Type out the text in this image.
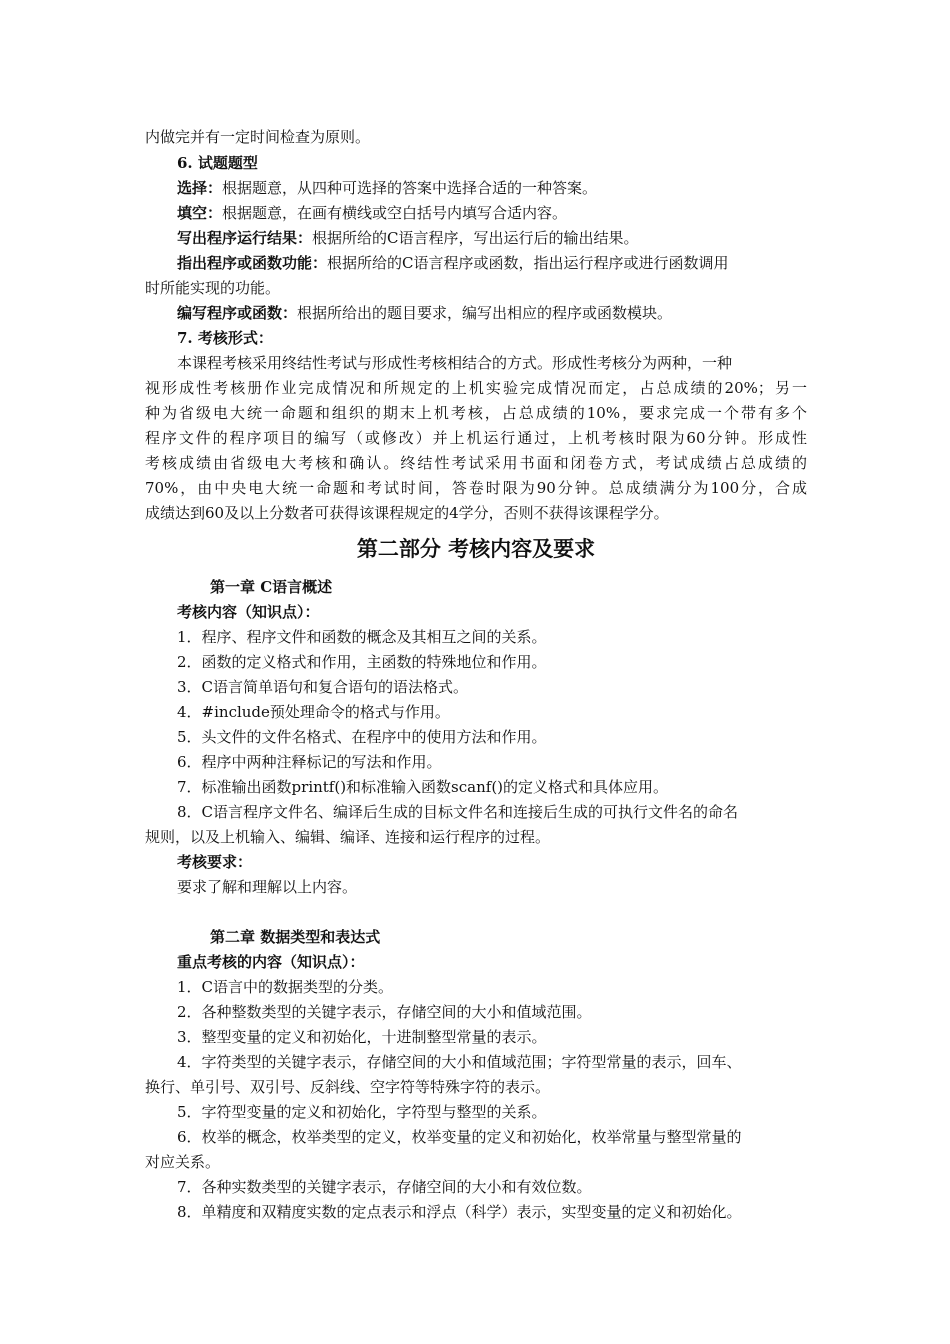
内做完并有一定时间检查为原则。
6. 试题题型
选择：根据题意，从四种可选择的答案中选择合适的一种答案。
填空：根据题意，在画有横线或空白括号内填写合适内容。
写出程序运行结果：根据所给的C语言程序，写出运行后的输出结果。
指出程序或函数功能：根据所给的C语言程序或函数，指出运行程序或进行函数调用
时所能实现的功能。
编写程序或函数：根据所给出的题目要求，编写出相应的程序或函数模块。
7. 考核形式：
本课程考核采用终结性考试与形成性考核相结合的方式。形成性考核分为两种，一种
视形成性考核册作业完成情况和所规定的上机实验完成情况而定，占总成绩的20%；另一
种为省级电大统一命题和组织的期末上机考核，占总成绩的10%，要求完成一个带有多个
程序文件的程序项目的编写（或修改）并上机运行通过，上机考核时限为60分钟。形成性
考核成绩由省级电大考核和确认。终结性考试采用书面和闭卷方式，考试成绩占总成绩的
70%，由中央电大统一命题和考试时间，答卷时限为90分钟。总成绩满分为100分，合成
成绩达到60及以上分数者可获得该课程规定的4学分，否则不获得该课程学分。
第二部分 考核内容及要求
第一章 C语言概述
考核内容（知识点）：
1．程序、程序文件和函数的概念及其相互之间的关系。
2．函数的定义格式和作用，主函数的特殊地位和作用。
3．C语言简单语句和复合语句的语法格式。
4．#include预处理命令的格式与作用。
5．头文件的文件名格式、在程序中的使用方法和作用。
6．程序中两种注释标记的写法和作用。
7．标准输出函数printf()和标准输入函数scanf()的定义格式和具体应用。
8．C语言程序文件名、编译后生成的目标文件名和连接后生成的可执行文件名的命名
规则，以及上机输入、编辑、编译、连接和运行程序的过程。
考核要求：
要求了解和理解以上内容。
第二章 数据类型和表达式
重点考核的内容（知识点）：
1．C语言中的数据类型的分类。
2．各种整数类型的关键字表示，存储空间的大小和值域范围。
3．整型变量的定义和初始化，十进制整型常量的表示。
4．字符类型的关键字表示，存储空间的大小和值域范围；字符型常量的表示，回车、
换行、单引号、双引号、反斜线、空字符等特殊字符的表示。
5．字符型变量的定义和初始化，字符型与整型的关系。
6．枚举的概念，枚举类型的定义，枚举变量的定义和初始化，枚举常量与整型常量的
对应关系。
7．各种实数类型的关键字表示，存储空间的大小和有效位数。
8．单精度和双精度实数的定点表示和浮点（科学）表示，实型变量的定义和初始化。
